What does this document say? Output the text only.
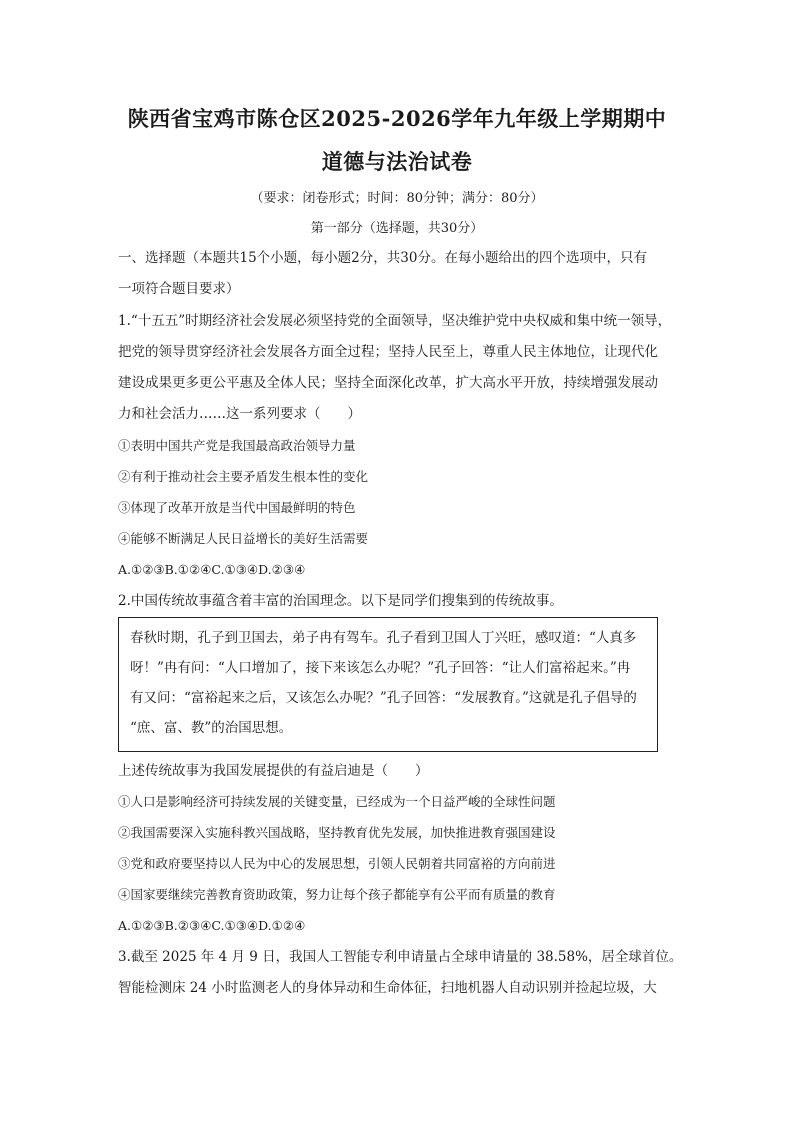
陕西省宝鸡市陈仓区2025-2026学年九年级上学期期中
道德与法治试卷
（要求：闭卷形式；时间：80分钟；满分：80分）
第一部分（选择题，共30分）
一、选择题（本题共15个小题，每小题2分，共30分。在每小题给出的四个选项中，只有
一项符合题目要求）
1.“十五五”时期经济社会发展必须坚持党的全面领导，坚决维护党中央权威和集中统一领导，
把党的领导贯穿经济社会发展各方面全过程；坚持人民至上，尊重人民主体地位，让现代化
建设成果更多更公平惠及全体人民；坚持全面深化改革，扩大高水平开放，持续增强发展动
力和社会活力……这一系列要求（　　）
①表明中国共产党是我国最高政治领导力量
②有利于推动社会主要矛盾发生根本性的变化
③体现了改革开放是当代中国最鲜明的特色
④能够不断满足人民日益增长的美好生活需要
A.①②③B.①②④C.①③④D.②③④
2.中国传统故事蕴含着丰富的治国理念。以下是同学们搜集到的传统故事。
春秋时期，孔子到卫国去，弟子冉有驾车。孔子看到卫国人丁兴旺，感叹道：“人真多
呀！”冉有问：“人口增加了，接下来该怎么办呢？”孔子回答：“让人们富裕起来。”冉
有又问：“富裕起来之后，又该怎么办呢？”孔子回答：“发展教育。”这就是孔子倡导的
“庶、富、教”的治国思想。
上述传统故事为我国发展提供的有益启迪是（　　）
①人口是影响经济可持续发展的关键变量，已经成为一个日益严峻的全球性问题
②我国需要深入实施科教兴国战略，坚持教育优先发展，加快推进教育强国建设
③党和政府要坚持以人民为中心的发展思想，引领人民朝着共同富裕的方向前进
④国家要继续完善教育资助政策，努力让每个孩子都能享有公平而有质量的教育
A.①②③B.②③④C.①③④D.①②④
3.截至 2025 年 4 月 9 日，我国人工智能专利申请量占全球申请量的 38.58%，居全球首位。
智能检测床 24 小时监测老人的身体异动和生命体征，扫地机器人自动识别并捡起垃圾，大
